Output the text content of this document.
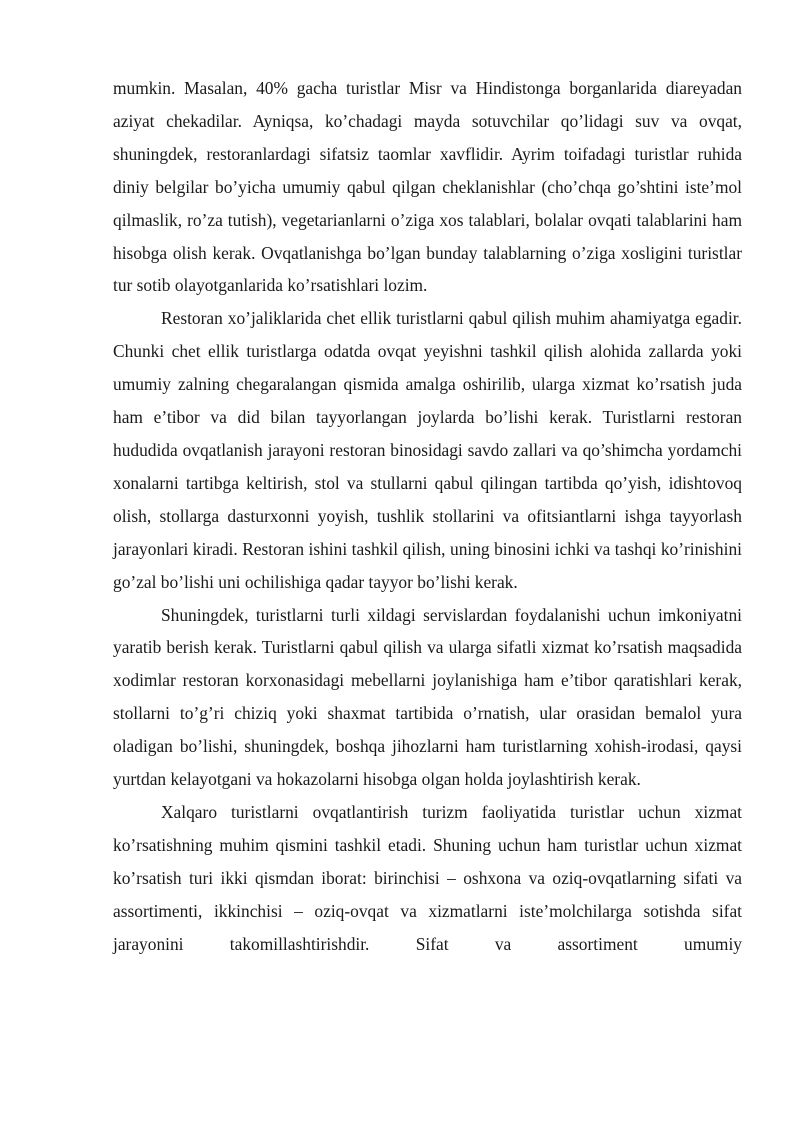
mumkin. Masalan, 40% gacha turistlar Misr va Hindistonga borganlarida diareyadan aziyat chekadilar. Ayniqsa, ko’chadagi mayda sotuvchilar qo’lidagi suv va ovqat, shuningdek, restoranlardagi sifatsiz taomlar xavflidir. Ayrim toifadagi turistlar ruhida diniy belgilar bo’yicha umumiy qabul qilgan cheklanishlar (cho’chqa go’shtini iste’mol qilmaslik, ro’za tutish), vegetarianlarni o’ziga xos talablari, bolalar ovqati talablarini ham hisobga olish kerak. Ovqatlanishga bo’lgan bunday talablarning o’ziga xosligini turistlar tur sotib olayotganlarida ko’rsatishlari lozim.

Restoran xo’jaliklarida chet ellik turistlarni qabul qilish muhim ahamiyatga egadir. Chunki chet ellik turistlarga odatda ovqat yeyishni tashkil qilish alohida zallarda yoki umumiy zalning chegaralangan qismida amalga oshirilib, ularga xizmat ko’rsatish juda ham e’tibor va did bilan tayyorlangan joylarda bo’lishi kerak. Turistlarni restoran hududida ovqatlanish jarayoni restoran binosidagi savdo zallari va qo’shimcha yordamchi xonalarni tartibga keltirish, stol va stullarni qabul qilingan tartibda qo’yish, idishtovoq olish, stollarga dasturxonni yoyish, tushlik stollarini va ofitsiantlarni ishga tayyorlash jarayonlari kiradi. Restoran ishini tashkil qilish, uning binosini ichki va tashqi ko’rinishini go’zal bo’lishi uni ochilishiga qadar tayyor bo’lishi kerak.

Shuningdek, turistlarni turli xildagi servislardan foydalanishi uchun imkoniyatni yaratib berish kerak. Turistlarni qabul qilish va ularga sifatli xizmat ko’rsatish maqsadida xodimlar restoran korxonasidagi mebellarni joylanishiga ham e’tibor qaratishlari kerak, stollarni to’g’ri chiziq yoki shaxmat tartibida o’rnatish, ular orasidan bemalol yura oladigan bo’lishi, shuningdek, boshqa jihozlarni ham turistlarning xohish-irodasi, qaysi yurtdan kelayotgani va hokazolarni hisobga olgan holda joylashtirish kerak.

Xalqaro turistlarni ovqatlantirish turizm faoliyatida turistlar uchun xizmat ko’rsatishning muhim qismini tashkil etadi. Shuning uchun ham turistlar uchun xizmat ko’rsatish turi ikki qismdan iborat: birinchisi – oshxona va oziq-ovqatlarning sifati va assortimenti, ikkinchisi – oziq-ovqat va xizmatlarni iste’molchilarga sotishda sifat jarayonini takomillashtirishdir. Sifat va assortiment umumiy
